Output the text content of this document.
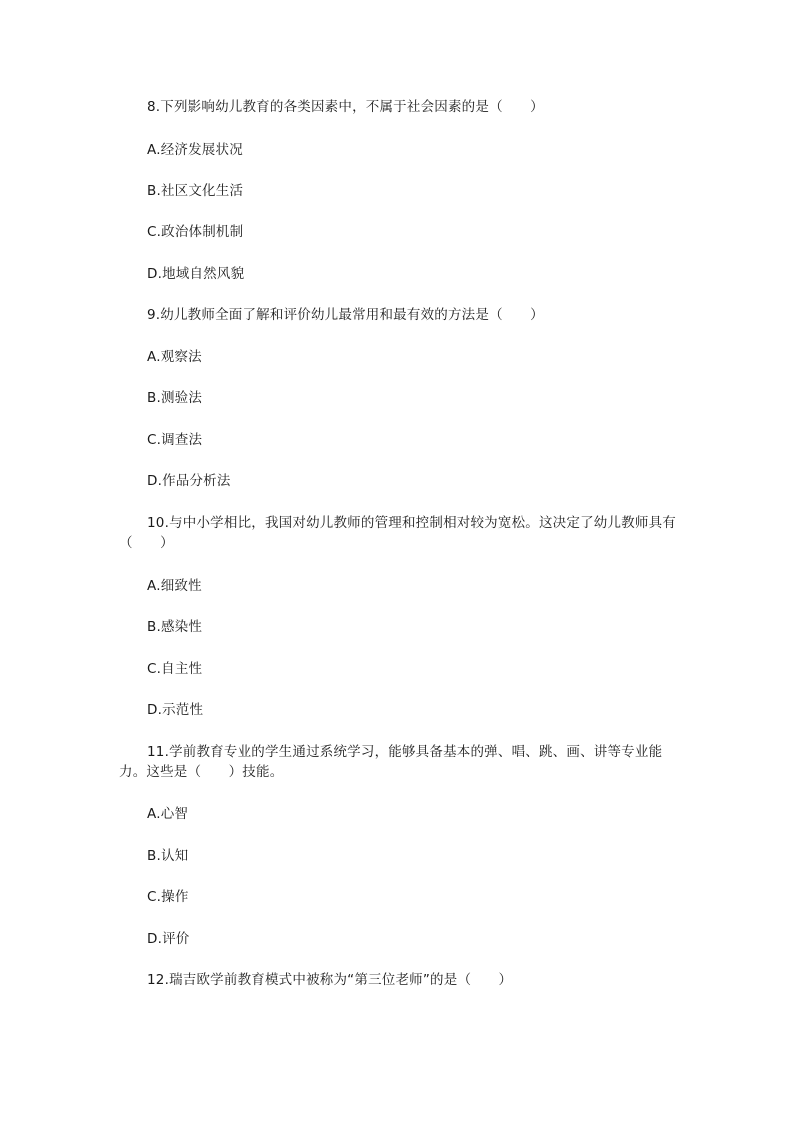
8.下列影响幼儿教育的各类因素中，不属于社会因素的是（　　）
A.经济发展状况
B.社区文化生活
C.政治体制机制
D.地域自然风貌
9.幼儿教师全面了解和评价幼儿最常用和最有效的方法是（　　）
A.观察法
B.测验法
C.调查法
D.作品分析法
10.与中小学相比，我国对幼儿教师的管理和控制相对较为宽松。这决定了幼儿教师具有（　　）
A.细致性
B.感染性
C.自主性
D.示范性
11.学前教育专业的学生通过系统学习，能够具备基本的弹、唱、跳、画、讲等专业能力。这些是（　　）技能。
A.心智
B.认知
C.操作
D.评价
12.瑞吉欧学前教育模式中被称为“第三位老师”的是（　　）
